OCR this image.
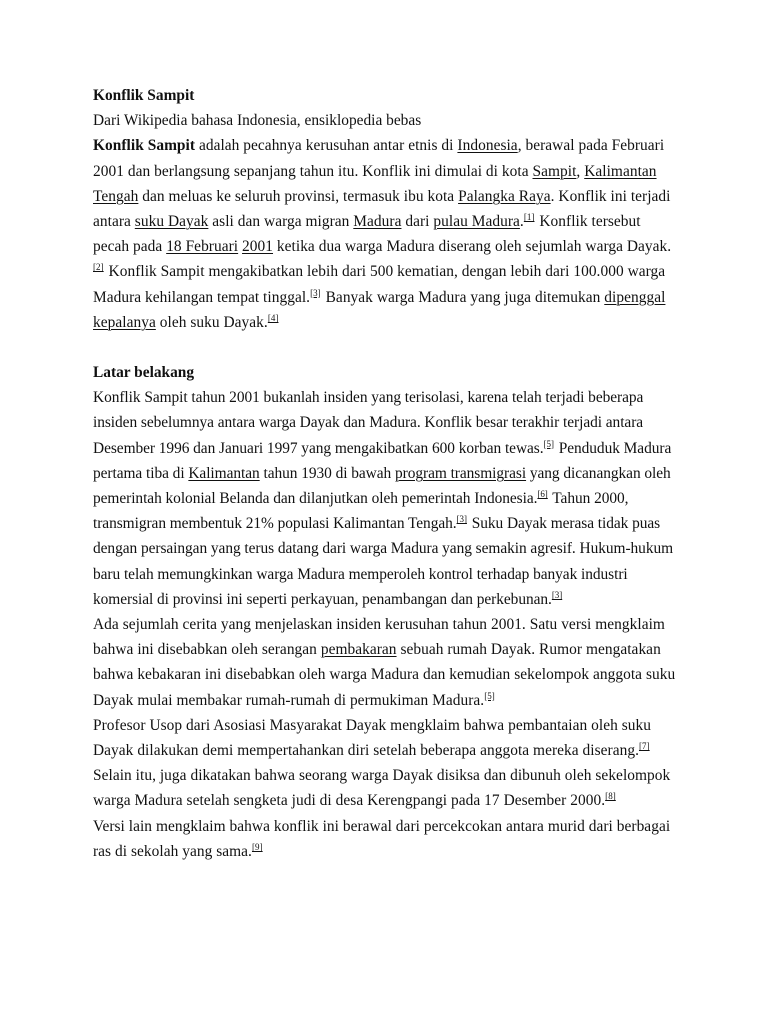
Konflik Sampit

Dari Wikipedia bahasa Indonesia, ensiklopedia bebas

Konflik Sampit adalah pecahnya kerusuhan antar etnis di Indonesia, berawal pada Februari 2001 dan berlangsung sepanjang tahun itu. Konflik ini dimulai di kota Sampit, Kalimantan Tengah dan meluas ke seluruh provinsi, termasuk ibu kota Palangka Raya. Konflik ini terjadi antara suku Dayak asli dan warga migran Madura dari pulau Madura.[1] Konflik tersebut pecah pada 18 Februari 2001 ketika dua warga Madura diserang oleh sejumlah warga Dayak.[2] Konflik Sampit mengakibatkan lebih dari 500 kematian, dengan lebih dari 100.000 warga Madura kehilangan tempat tinggal.[3] Banyak warga Madura yang juga ditemukan dipenggal kepalanya oleh suku Dayak.[4]

Latar belakang

Konflik Sampit tahun 2001 bukanlah insiden yang terisolasi, karena telah terjadi beberapa insiden sebelumnya antara warga Dayak dan Madura. Konflik besar terakhir terjadi antara Desember 1996 dan Januari 1997 yang mengakibatkan 600 korban tewas.[5] Penduduk Madura pertama tiba di Kalimantan tahun 1930 di bawah program transmigrasi yang dicanangkan oleh pemerintah kolonial Belanda dan dilanjutkan oleh pemerintah Indonesia.[6] Tahun 2000, transmigran membentuk 21% populasi Kalimantan Tengah.[3] Suku Dayak merasa tidak puas dengan persaingan yang terus datang dari warga Madura yang semakin agresif. Hukum-hukum baru telah memungkinkan warga Madura memperoleh kontrol terhadap banyak industri komersial di provinsi ini seperti perkayuan, penambangan dan perkebunan.[3]

Ada sejumlah cerita yang menjelaskan insiden kerusuhan tahun 2001. Satu versi mengklaim bahwa ini disebabkan oleh serangan pembakaran sebuah rumah Dayak. Rumor mengatakan bahwa kebakaran ini disebabkan oleh warga Madura dan kemudian sekelompok anggota suku Dayak mulai membakar rumah-rumah di permukiman Madura.[5]

Profesor Usop dari Asosiasi Masyarakat Dayak mengklaim bahwa pembantaian oleh suku Dayak dilakukan demi mempertahankan diri setelah beberapa anggota mereka diserang.[7] Selain itu, juga dikatakan bahwa seorang warga Dayak disiksa dan dibunuh oleh sekelompok warga Madura setelah sengketa judi di desa Kerengpangi pada 17 Desember 2000.[8]

Versi lain mengklaim bahwa konflik ini berawal dari percekcokan antara murid dari berbagai ras di sekolah yang sama.[9]
